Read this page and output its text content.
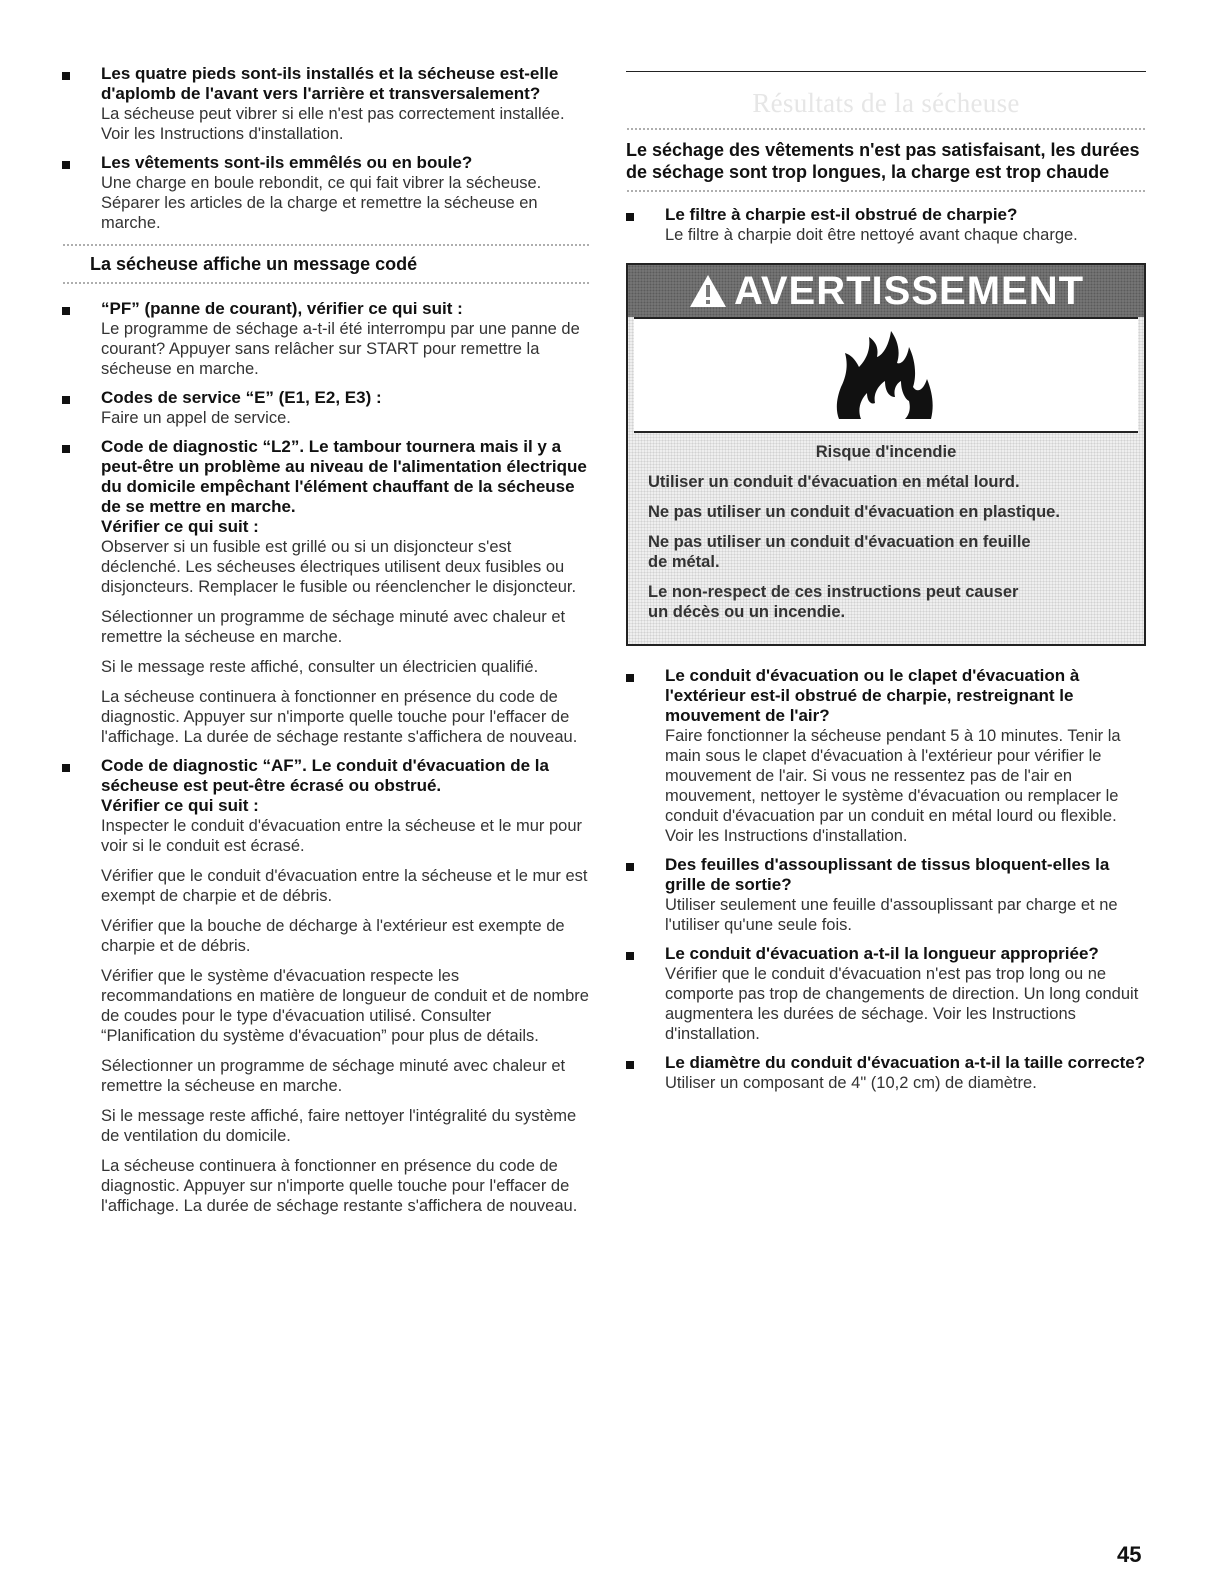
Les quatre pieds sont-ils installés et la sécheuse est-elle d'aplomb de l'avant vers l'arrière et transversalement?
La sécheuse peut vibrer si elle n'est pas correctement installée. Voir les Instructions d'installation.
Les vêtements sont-ils emmêlés ou en boule?
Une charge en boule rebondit, ce qui fait vibrer la sécheuse. Séparer les articles de la charge et remettre la sécheuse en marche.
La sécheuse affiche un message codé
“PF” (panne de courant), vérifier ce qui suit :
Le programme de séchage a-t-il été interrompu par une panne de courant? Appuyer sans relâcher sur START pour remettre la sécheuse en marche.
Codes de service “E” (E1, E2, E3) :
Faire un appel de service.
Code de diagnostic “L2”. Le tambour tournera mais il y a peut-être un problème au niveau de l'alimentation électrique du domicile empêchant l'élément chauffant de la sécheuse de se mettre en marche.
Vérifier ce qui suit :
Observer si un fusible est grillé ou si un disjoncteur s'est déclenché. Les sécheuses électriques utilisent deux fusibles ou disjoncteurs. Remplacer le fusible ou réenclencher le disjoncteur.
Sélectionner un programme de séchage minuté avec chaleur et remettre la sécheuse en marche.
Si le message reste affiché, consulter un électricien qualifié.
La sécheuse continuera à fonctionner en présence du code de diagnostic. Appuyer sur n'importe quelle touche pour l'effacer de l'affichage. La durée de séchage restante s'affichera de nouveau.
Code de diagnostic “AF”. Le conduit d'évacuation de la sécheuse est peut-être écrasé ou obstrué.
Vérifier ce qui suit :
Inspecter le conduit d'évacuation entre la sécheuse et le mur pour voir si le conduit est écrasé.
Vérifier que le conduit d'évacuation entre la sécheuse et le mur est exempt de charpie et de débris.
Vérifier que la bouche de décharge à l'extérieur est exempte de charpie et de débris.
Vérifier que le système d'évacuation respecte les recommandations en matière de longueur de conduit et de nombre de coudes pour le type d'évacuation utilisé. Consulter “Planification du système d'évacuation” pour plus de détails.
Sélectionner un programme de séchage minuté avec chaleur et remettre la sécheuse en marche.
Si le message reste affiché, faire nettoyer l'intégralité du système de ventilation du domicile.
La sécheuse continuera à fonctionner en présence du code de diagnostic. Appuyer sur n'importe quelle touche pour l'effacer de l'affichage. La durée de séchage restante s'affichera de nouveau.
Résultats de la sécheuse
Le séchage des vêtements n'est pas satisfaisant, les durées de séchage sont trop longues, la charge est trop chaude
Le filtre à charpie est-il obstrué de charpie?
Le filtre à charpie doit être nettoyé avant chaque charge.
AVERTISSEMENT
Risque d'incendie

Utiliser un conduit d'évacuation en métal lourd.

Ne pas utiliser un conduit d'évacuation en plastique.

Ne pas utiliser un conduit d'évacuation en feuille
de métal.

Le non-respect de ces instructions peut causer
un décès ou un incendie.

Le conduit d'évacuation ou le clapet d'évacuation à l'extérieur est-il obstrué de charpie, restreignant le mouvement de l'air?
Faire fonctionner la sécheuse pendant 5 à 10 minutes. Tenir la main sous le clapet d'évacuation à l'extérieur pour vérifier le mouvement de l'air. Si vous ne ressentez pas de l'air en mouvement, nettoyer le système d'évacuation ou remplacer le conduit d'évacuation par un conduit en métal lourd ou flexible. Voir les Instructions d'installation.
Des feuilles d'assouplissant de tissus bloquent-elles la grille de sortie?
Utiliser seulement une feuille d'assouplissant par charge et ne l'utiliser qu'une seule fois.
Le conduit d'évacuation a-t-il la longueur appropriée?
Vérifier que le conduit d'évacuation n'est pas trop long ou ne comporte pas trop de changements de direction. Un long conduit augmentera les durées de séchage. Voir les Instructions d'installation.
Le diamètre du conduit d'évacuation a-t-il la taille correcte?
Utiliser un composant de 4" (10,2 cm) de diamètre.
45
